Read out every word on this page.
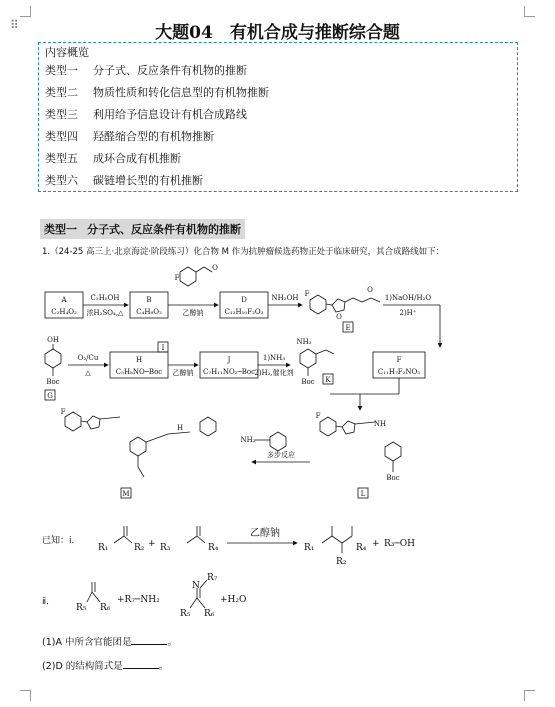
⠿	大题04　有机合成与推断综合题
内容概览
类型一 分子式、反应条件有机物的推断
类型二 物质性质和转化信息型的有机物推断
类型三 利用给予信息设计有机合成路线
类型四 羟醛缩合型的有机物推断
类型五 成环合成有机推断
类型六 碳链增长型的有机推断
类型一 分子式、反应条件有机物的推断
1.（24-25 高三上·北京海淀·阶段练习）化合物 M 作为抗肿瘤候选药物正处于临床研究，其合成路线如下：
A
C₂H₄O₂
C₂H₅OH
浓H₂SO₄,△
B
C₄H₈O₂	乙醇钠
D
C₁₂H₁₀F₂O₃
NH₂OH
E
1)NaOH/H₂O
2)H⁺
F
C₁₁H₇F₂NO₃
G
Boc
OH
O₂/Cu
△
H
C₅H₈NO─Boc
I
乙醇钠
J
C₇H₁₁NO₂─Boc
1)NH₃
2)H₂,催化剂
K
Boc
NH₂
L
Boc
M
多步反应
NH₂
F
O
F
O
O
F
NH
F
H
R₁	R₂ + R₃	R₄
乙醇钠
R₁	R₄
R₂
+ R₃─OH
已知：ⅰ．
R₅ R₆
+R₇─NH₂
N
R₇
R₅ R₆
+H₂O
ⅱ．
(1)A 中所含官能团是	。
(2)D 的结构简式是	。
